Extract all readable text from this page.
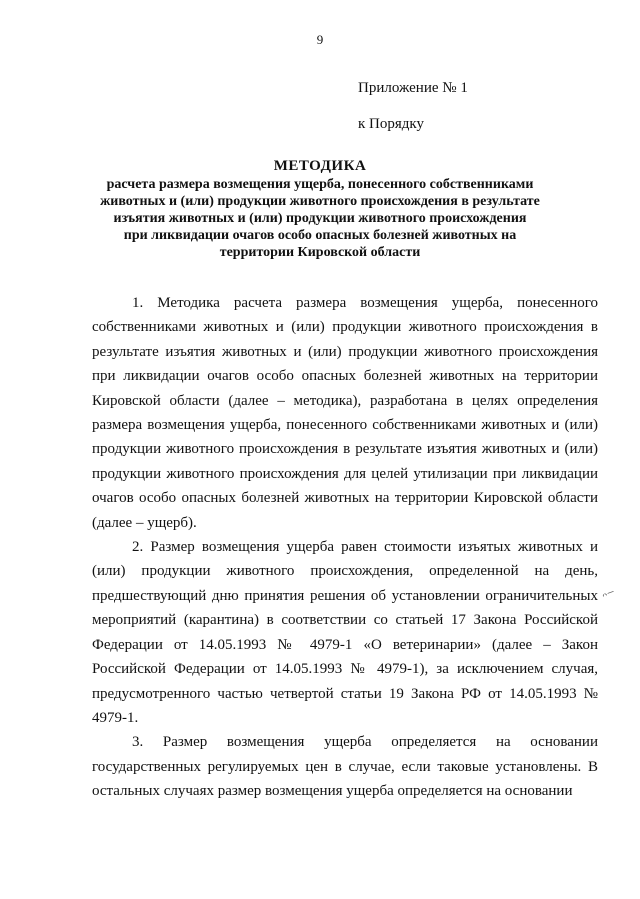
9
Приложение № 1
к Порядку
МЕТОДИКА
расчета размера возмещения ущерба, понесенного собственниками животных и (или) продукции животного происхождения в результате изъятия животных и (или) продукции животного происхождения при ликвидации очагов особо опасных болезней животных на территории Кировской области

1. Методика расчета размера возмещения ущерба, понесенного собственниками животных и (или) продукции животного происхождения в результате изъятия животных и (или) продукции животного происхождения при ликвидации очагов особо опасных болезней животных на территории Кировской области (далее – методика), разработана в целях определения размера возмещения ущерба, понесенного собственниками животных и (или) продукции животного происхождения в результате изъятия животных и (или) продукции животного происхождения для целей утилизации при ликвидации очагов особо опасных болезней животных на территории Кировской области (далее – ущерб).

2. Размер возмещения ущерба равен стоимости изъятых животных и (или) продукции животного происхождения, определенной на день, предшествующий дню принятия решения об установлении ограничительных мероприятий (карантина) в соответствии со статьей 17 Закона Российской Федерации от 14.05.1993 № 4979-1 «О ветеринарии» (далее – Закон Российской Федерации от 14.05.1993 № 4979-1), за исключением случая, предусмотренного частью четвертой статьи 19 Закона РФ от 14.05.1993 № 4979-1.

3. Размер возмещения ущерба определяется на основании государственных регулируемых цен в случае, если таковые установлены. В остальных случаях размер возмещения ущерба определяется на основании

ᵔ⁻
